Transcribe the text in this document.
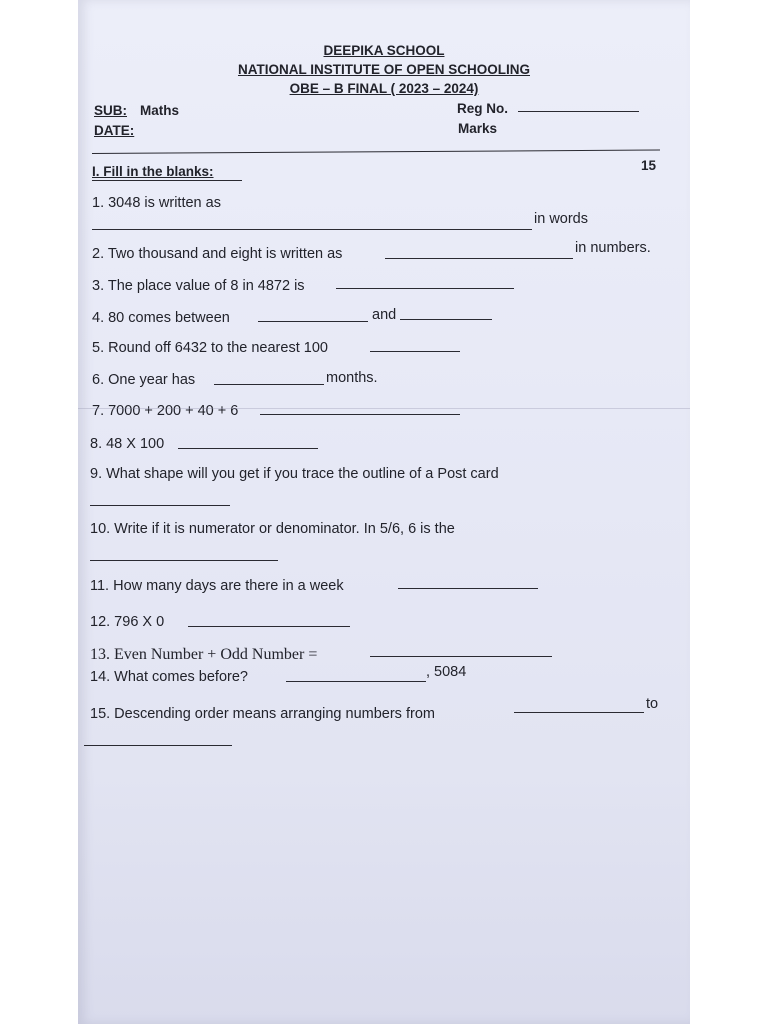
DEEPIKA SCHOOL
NATIONAL INSTITUTE OF OPEN SCHOOLING
OBE – B FINAL ( 2023 – 2024)
SUB: Maths
DATE:
Reg No.
Marks
I. Fill in the blanks:	15
1. 3048 is written as
in words
2. Two thousand and eight is written as	in numbers.
3. The place value of 8 in 4872 is
4. 80 comes between	and
5. Round off 6432 to the nearest 100
6. One year has	months.
7. 7000 + 200 + 40 + 6
8. 48 X 100
9. What shape will you get if you trace the outline of a Post card
10. Write if it is numerator or denominator. In 5/6, 6 is the
11. How many days are there in a week
12. 796 X 0
13. Even Number + Odd Number =
14. What comes before?	, 5084
15. Descending order means arranging numbers from
to
